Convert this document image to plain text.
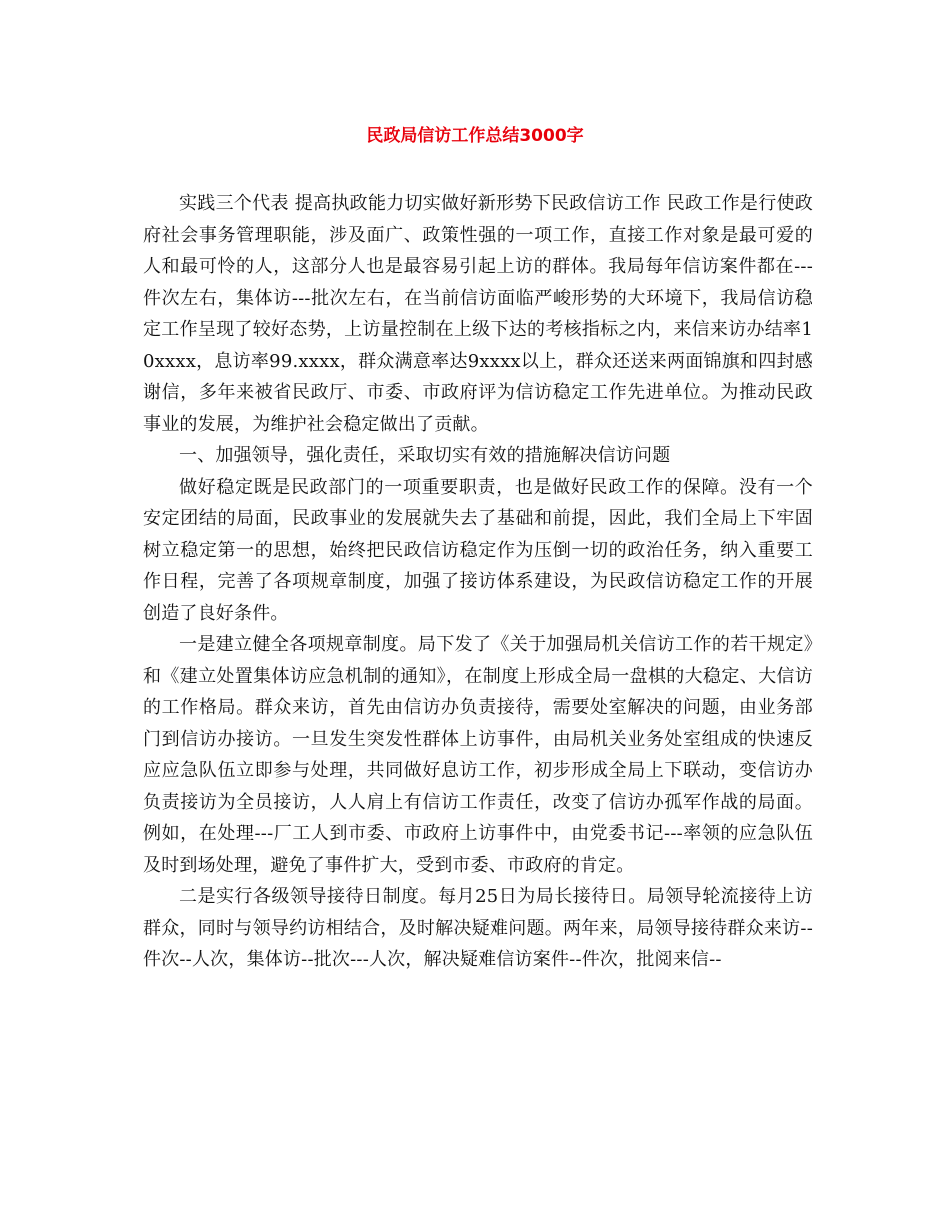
民政局信访工作总结3000字

实践三个代表 提高执政能力切实做好新形势下民政信访工作 民政工作是行使政府社会事务管理职能，涉及面广、政策性强的一项工作，直接工作对象是最可爱的人和最可怜的人，这部分人也是最容易引起上访的群体。我局每年信访案件都在---件次左右，集体访---批次左右，在当前信访面临严峻形势的大环境下，我局信访稳定工作呈现了较好态势，上访量控制在上级下达的考核指标之内，来信来访办结率10xxxx，息访率99.xxxx，群众满意率达9xxxx以上，群众还送来两面锦旗和四封感谢信，多年来被省民政厅、市委、市政府评为信访稳定工作先进单位。为推动民政事业的发展，为维护社会稳定做出了贡献。

一、加强领导，强化责任，采取切实有效的措施解决信访问题

做好稳定既是民政部门的一项重要职责，也是做好民政工作的保障。没有一个安定团结的局面，民政事业的发展就失去了基础和前提，因此，我们全局上下牢固树立稳定第一的思想，始终把民政信访稳定作为压倒一切的政治任务，纳入重要工作日程，完善了各项规章制度，加强了接访体系建设，为民政信访稳定工作的开展创造了良好条件。

一是建立健全各项规章制度。局下发了《关于加强局机关信访工作的若干规定》和《建立处置集体访应急机制的通知》，在制度上形成全局一盘棋的大稳定、大信访的工作格局。群众来访，首先由信访办负责接待，需要处室解决的问题，由业务部门到信访办接访。一旦发生突发性群体上访事件，由局机关业务处室组成的快速反应应急队伍立即参与处理，共同做好息访工作，初步形成全局上下联动，变信访办负责接访为全员接访，人人肩上有信访工作责任，改变了信访办孤军作战的局面。例如，在处理---厂工人到市委、市政府上访事件中，由党委书记---率领的应急队伍及时到场处理，避免了事件扩大，受到市委、市政府的肯定。

二是实行各级领导接待日制度。每月25日为局长接待日。局领导轮流接待上访群众，同时与领导约访相结合，及时解决疑难问题。两年来，局领导接待群众来访--件次--人次，集体访--批次---人次，解决疑难信访案件--件次，批阅来信--
